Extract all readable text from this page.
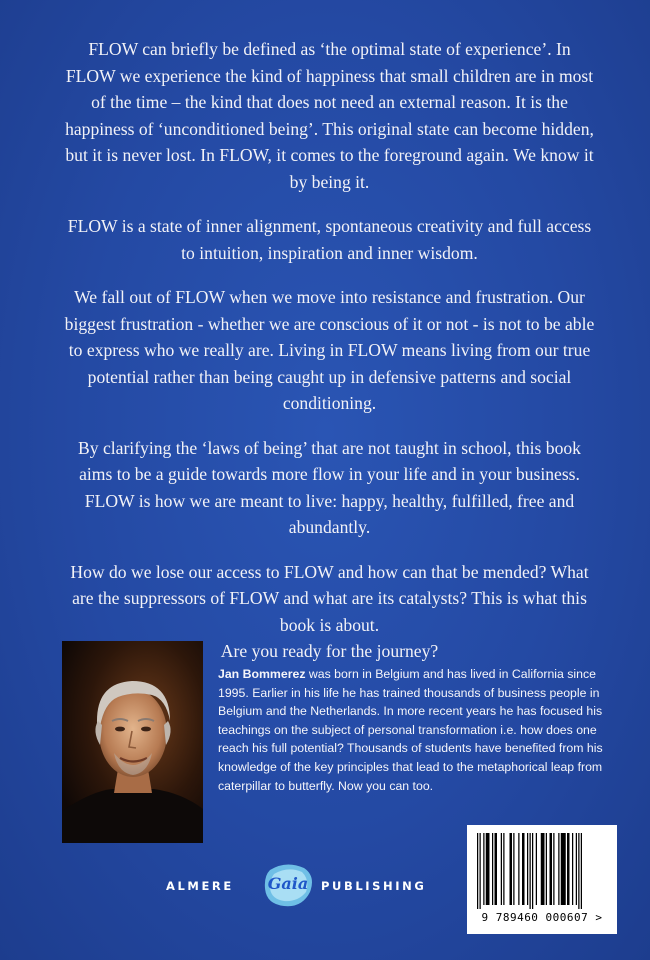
FLOW can briefly be defined as ‘the optimal state of experience’. In FLOW we experience the kind of happiness that small children are in most of the time – the kind that does not need an external reason. It is the happiness of ‘unconditioned being’. This original state can become hidden, but it is never lost. In FLOW, it comes to the foreground again. We know it by being it.

FLOW is a state of inner alignment, spontaneous creativity and full access to intuition, inspiration and inner wisdom.

We fall out of FLOW when we move into resistance and frustration. Our biggest frustration - whether we are conscious of it or not - is not to be able to express who we really are. Living in FLOW means living from our true potential rather than being caught up in defensive patterns and social conditioning.

By clarifying the ‘laws of being’ that are not taught in school, this book aims to be a guide towards more flow in your life and in your business. FLOW is how we are meant to live: happy, healthy, fulfilled, free and abundantly.

How do we lose our access to FLOW and how can that be mended? What are the suppressors of FLOW and what are its catalysts? This is what this book is about.
Are you ready for the journey?

Jan Bommerez was born in Belgium and has lived in California since 1995. Earlier in his life he has trained thousands of business people in Belgium and the Netherlands. In more recent years he has focused his teachings on the subject of personal transformation i.e. how does one reach his full potential? Thousands of students have benefited from his knowledge of the key principles that lead to the metaphorical leap from caterpillar to butterfly. Now you can too.
ALMERE	Gaia	PUBLISHING
9 789460 000607 >
